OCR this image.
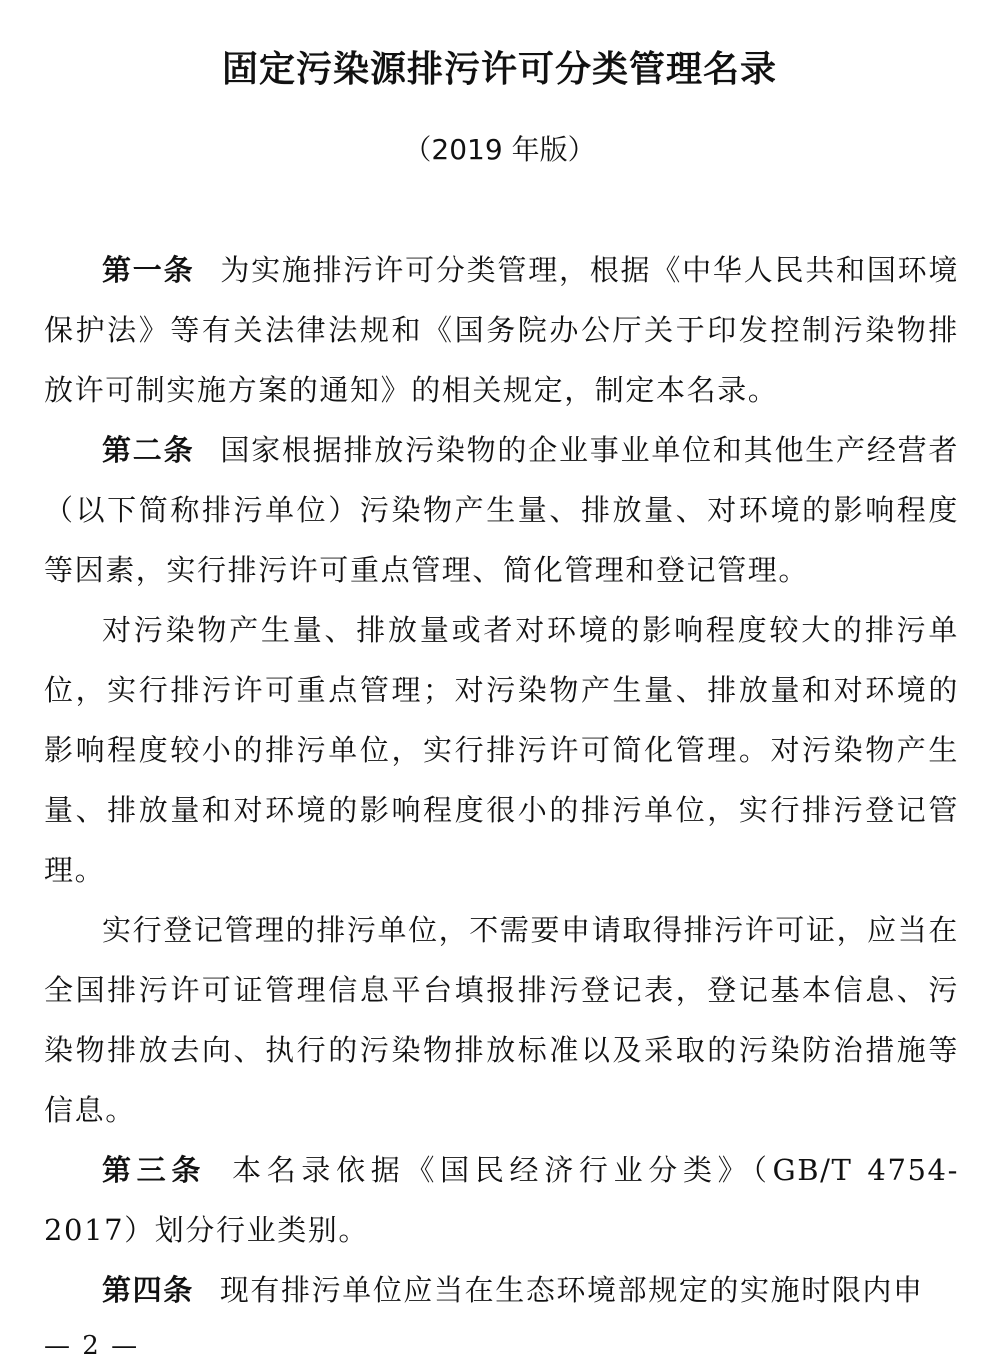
固定污染源排污许可分类管理名录
（2019 年版）

第一条 为实施排污许可分类管理，根据《中华人民共和国环境保护法》等有关法律法规和《国务院办公厅关于印发控制污染物排放许可制实施方案的通知》的相关规定，制定本名录。

第二条 国家根据排放污染物的企业事业单位和其他生产经营者（以下简称排污单位）污染物产生量、排放量、对环境的影响程度等因素，实行排污许可重点管理、简化管理和登记管理。

对污染物产生量、排放量或者对环境的影响程度较大的排污单位，实行排污许可重点管理；对污染物产生量、排放量和对环境的影响程度较小的排污单位，实行排污许可简化管理。对污染物产生量、排放量和对环境的影响程度很小的排污单位，实行排污登记管理。

实行登记管理的排污单位，不需要申请取得排污许可证，应当在全国排污许可证管理信息平台填报排污登记表，登记基本信息、污染物排放去向、执行的污染物排放标准以及采取的污染防治措施等信息。

第三条 本名录依据《国民经济行业分类》（GB/T 4754-2017）划分行业类别。

第四条 现有排污单位应当在生态环境部规定的实施时限内申

— 2 —
